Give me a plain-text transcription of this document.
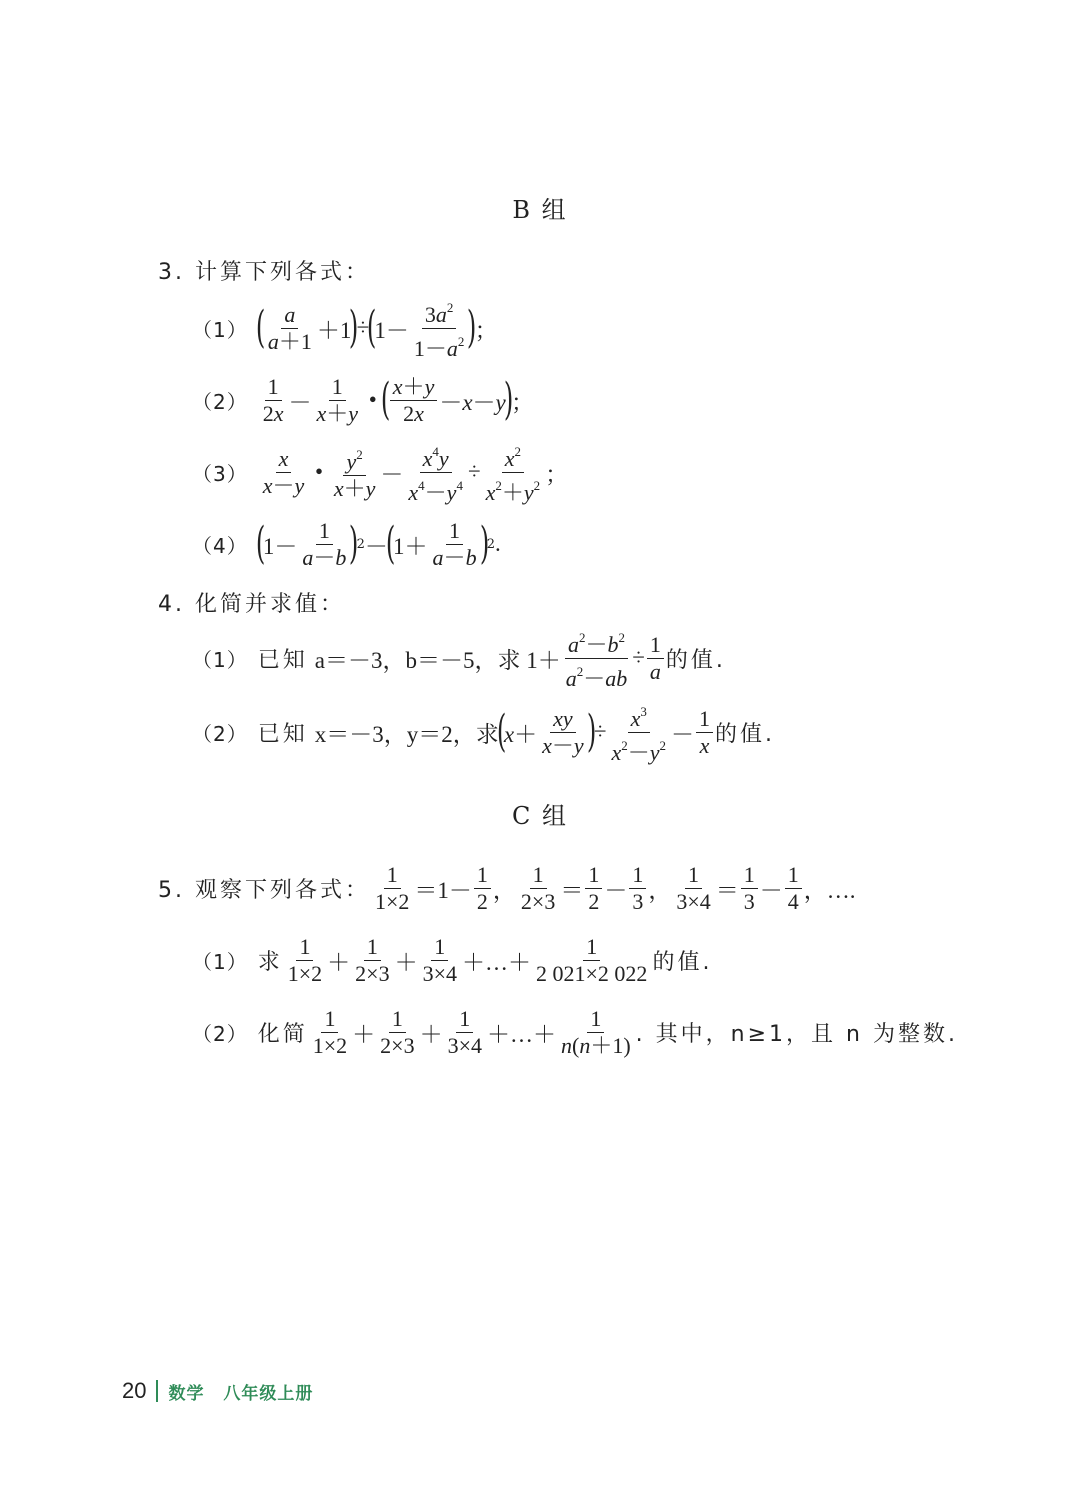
B 组
3. 计算下列各式：
（1） ( $\frac{a}{a+1} +1$
)
÷
(
$1- \frac{3a^2}{1-a^2}$ )
；
$(2) \frac{1}{2x} - \frac{1}{x+y}$ •
( $\frac{x+y}{2x} -x-y$
)
；
$(3) \frac{x}{x-y}$ • $\frac{y^2}{x+y} - \frac{x^4y}{x^4-y^4} \div \frac{x^2}{x^2+y^2}$ ；
（4） (
$1- \frac{1}{a-b}$ )
2 －
(
$1+ \frac{1}{a-b}$ )
2 .
4. 化简并求值：
（1） 已知
a＝－3，b＝－5，求 $1+ \frac{a^2-b^2}{a^2-ab} \div \frac{1}{a}$ 的值.
（2） 已知
x＝－3，y＝2，求
(
$x+ \frac{xy}{x-y}$ )
÷ $\frac{x^3}{x^2-y^2} - \frac{1}{x}$ 的值.
C 组
5. 观察下列各式： $\frac{1}{1\times 2} =1- \frac{1}{2}$ ， $\frac{1}{2\times 3} = \frac{1}{2} - \frac{1}{3}$ ， $\frac{1}{3\times 4} = \frac{1}{3} - \frac{1}{4}$ ，….
（1） 求 $\frac{1}{1\times 2} + \frac{1}{2\times 3} + \frac{1}{3\times 4}$ ＋…＋ $\frac{1}{2 021\times 2 022}$ 的值.
（2） 化简 $\frac{1}{1\times 2} + \frac{1}{2\times 3} + \frac{1}{3\times 4}$ ＋…＋ $\frac{1}{n(n+1)}$ . 其中，n≥1，且 n 为整数.
20 数学 八年级上册
